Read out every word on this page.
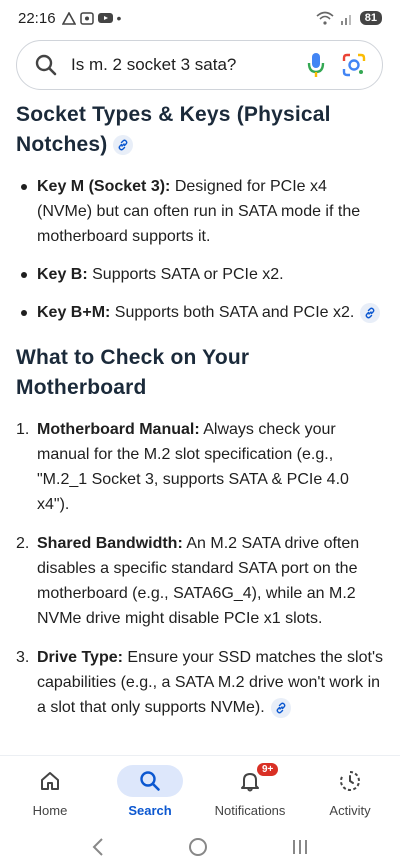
22:16	•	81
Is m. 2 socket 3 sata?
Socket Types & Keys (Physical Notches)
Key M (Socket 3): Designed for PCIe x4 (NVMe) but can often run in SATA mode if the motherboard supports it.
Key B: Supports SATA or PCIe x2.
Key B+M: Supports both SATA and PCIe x2.
What to Check on Your Motherboard
1. Motherboard Manual: Always check your manual for the M.2 slot specification (e.g., "M.2_1 Socket 3, supports SATA & PCIe 4.0 x4").
2. Shared Bandwidth: An M.2 SATA drive often disables a specific standard SATA port on the motherboard (e.g., SATA6G_4), while an M.2 NVMe drive might disable PCIe x1 slots.
3. Drive Type: Ensure your SSD matches the slot's capabilities (e.g., a SATA M.2 drive won't work in a slot that only supports NVMe).
Home	Search
9+
Notifications	Activity
